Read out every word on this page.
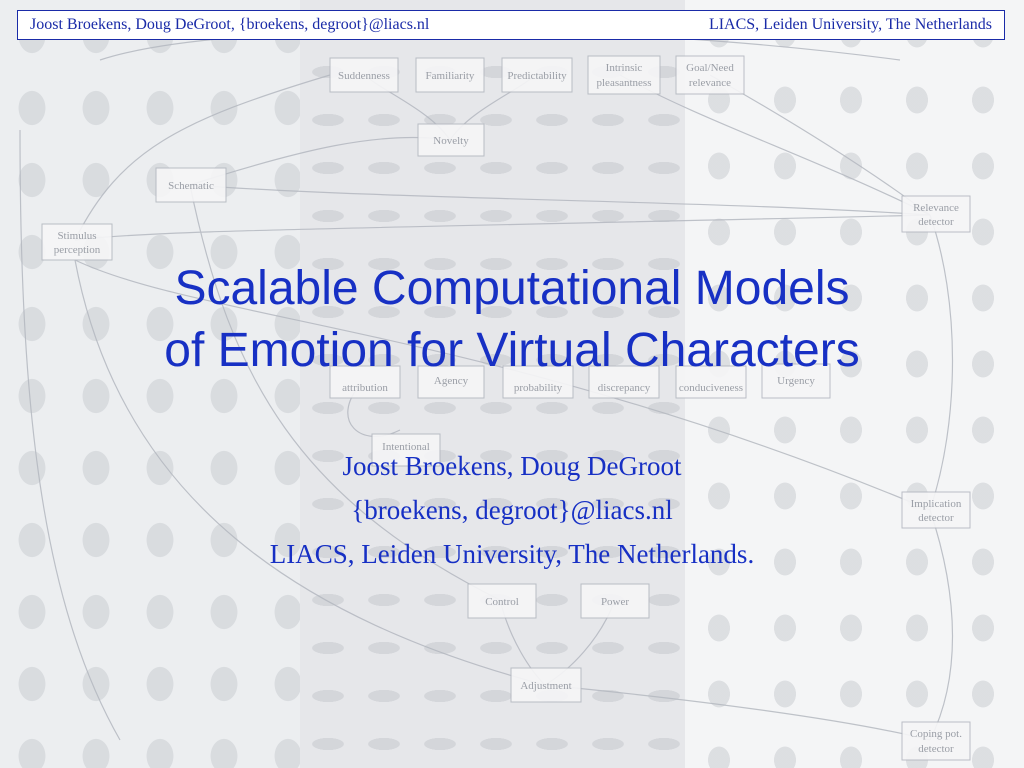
Suddenness	Familiarity	Predictability
Intrinsic
pleasantness
Goal/Need
relevance
Novelty
Schematic
Stimulus
perception
Relevance
detector
attribution
Agency
probability	discrepancy	conduciveness
Urgency
Intentional
Implication
detector
Control	Power
Adjustment
Coping pot.
detector
Joost Broekens, Doug DeGroot, {broekens, degroot}@liacs.nl	LIACS, Leiden University, The Netherlands
Scalable Computational Models
of Emotion for Virtual Characters
Joost Broekens, Doug DeGroot
{broekens, degroot}@liacs.nl
LIACS, Leiden University, The Netherlands.
